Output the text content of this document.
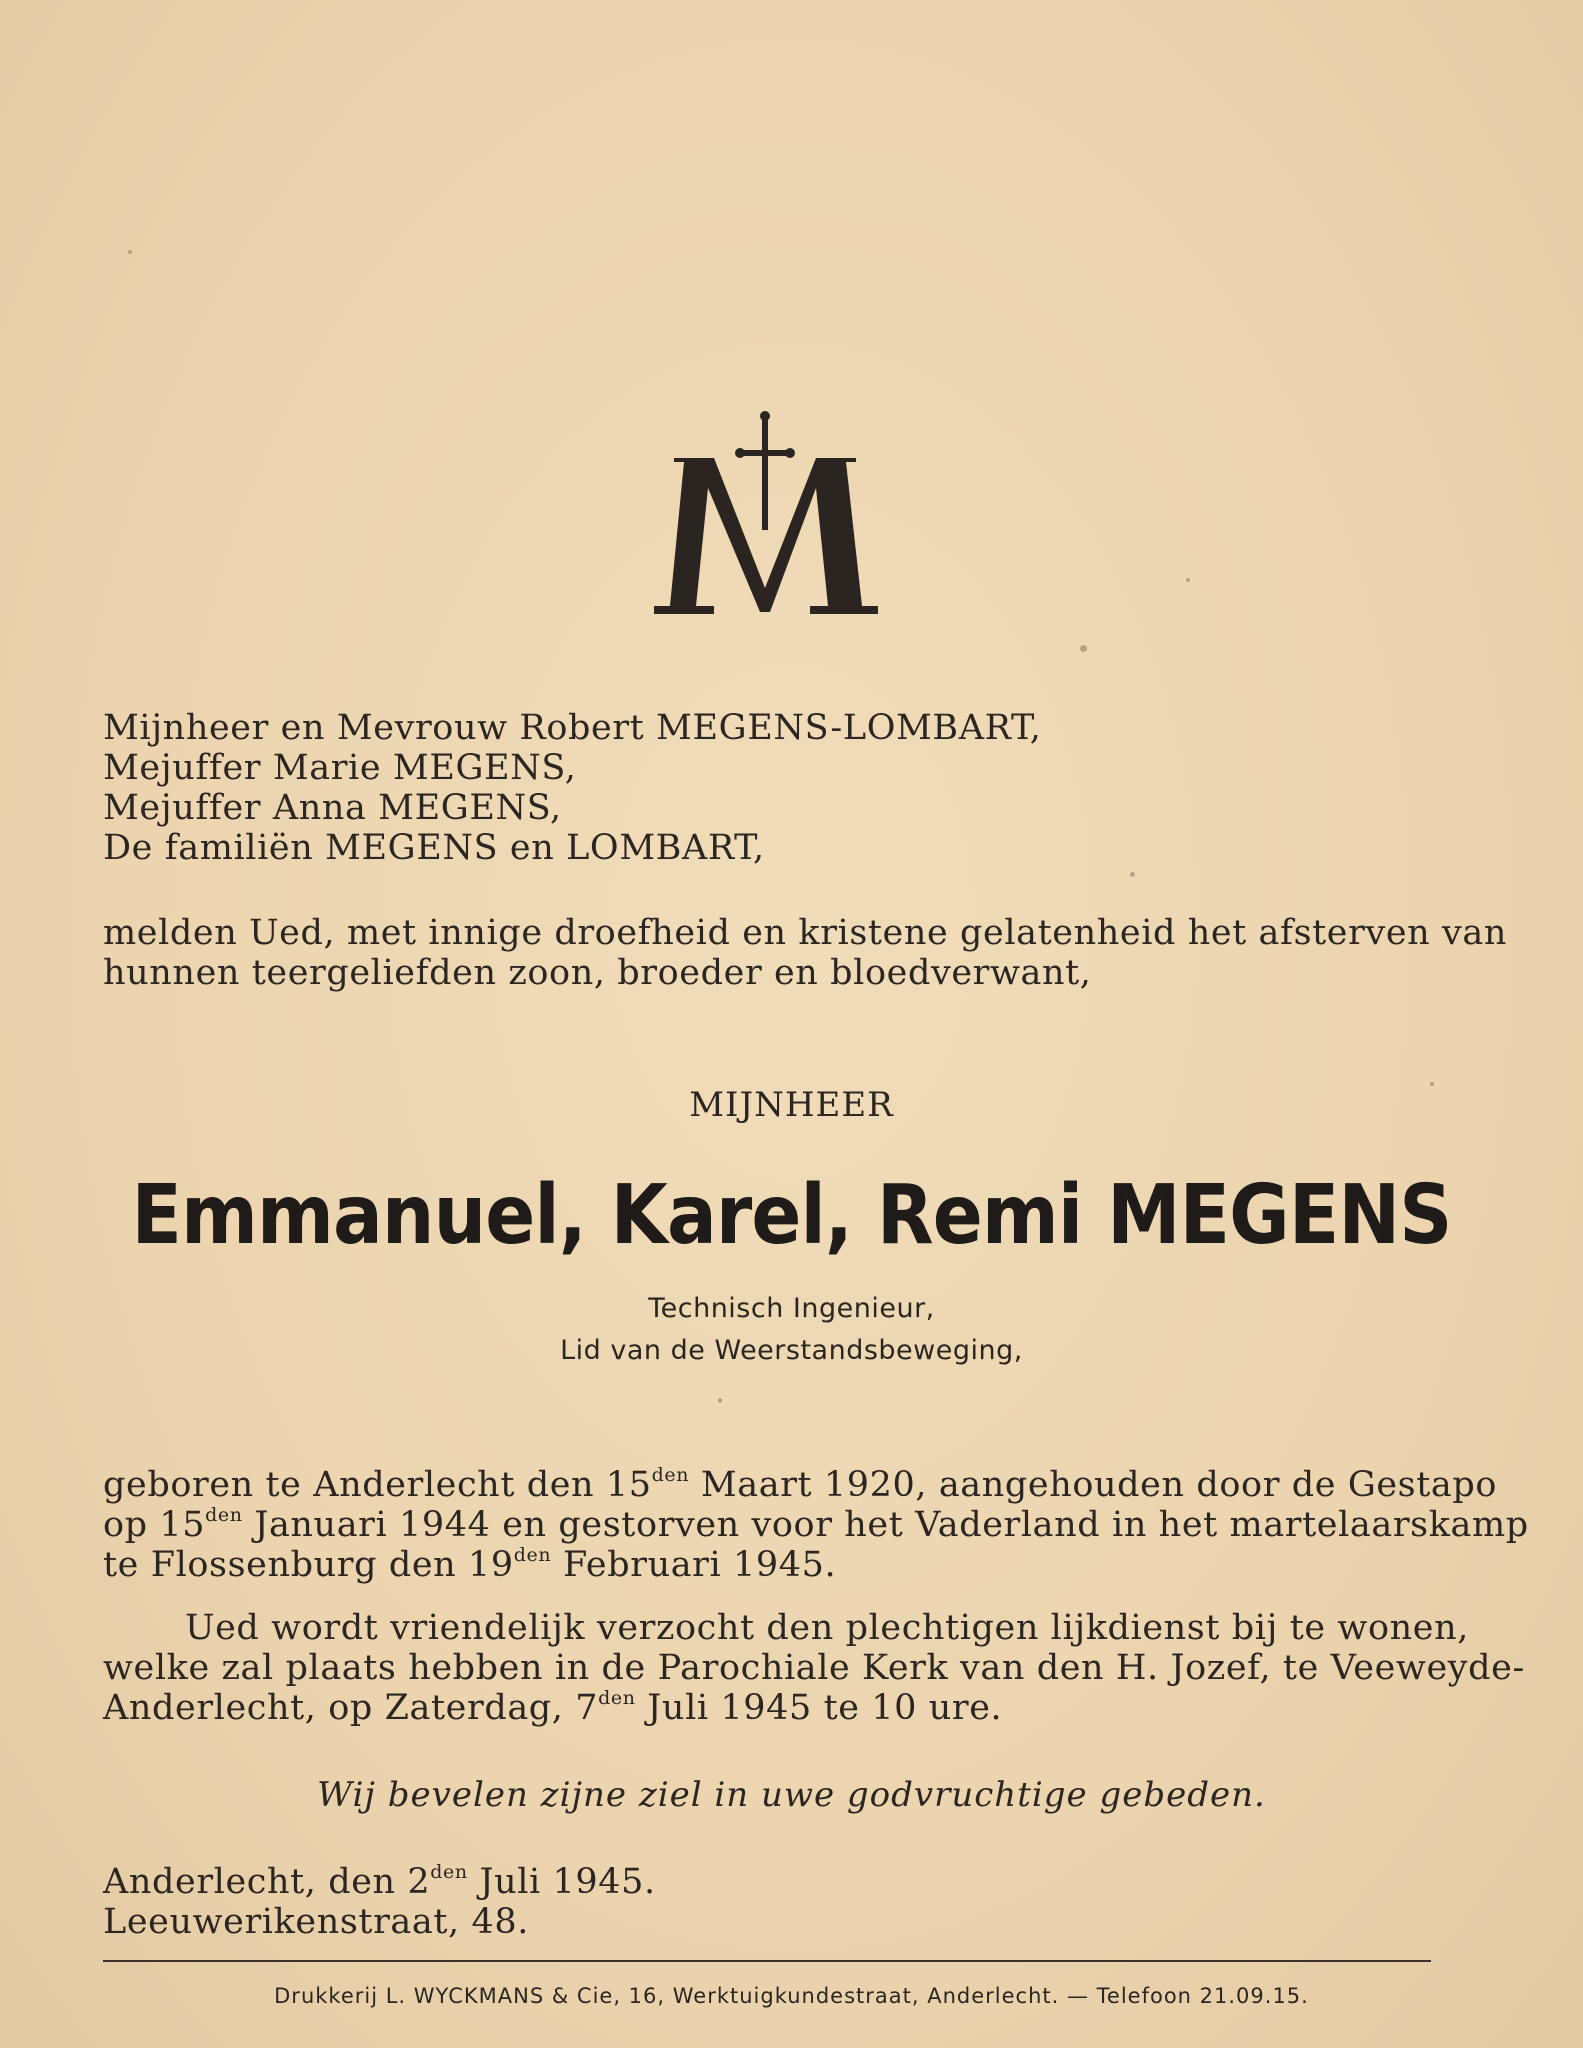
Mijnheer en Mevrouw Robert MEGENS-LOMBART,
Mejuffer Marie MEGENS,
Mejuffer Anna MEGENS,
De familiën MEGENS en LOMBART,
melden Ued, met innige droefheid en kristene gelatenheid het afsterven van
hunnen teergeliefden zoon, broeder en bloedverwant,

MIJNHEER

Emmanuel, Karel, Remi MEGENS

Technisch Ingenieur,

Lid van de Weerstandsbeweging,

geboren te Anderlecht den $15^{den}$ Maart 1920, aangehouden door de Gestapo
op $15^{den}$ Januari 1944 en gestorven voor het Vaderland in het martelaarskamp
te Flossenburg den $19^{den}$ Februari 1945.
Ued wordt vriendelijk verzocht den plechtigen lijkdienst bij te wonen,
welke zal plaats hebben in de Parochiale Kerk van den H. Jozef, te Veeweyde-
Anderlecht, op Zaterdag, $7^{den}$ Juli 1945 te 10 ure.

Wij bevelen zijne ziel in uwe godvruchtige gebeden.

Anderlecht, den $2^{den}$ Juli 1945.
Leeuwerikenstraat, 48.

Drukkerij L. WYCKMANS & Cie, 16, Werktuigkundestraat, Anderlecht. — Telefoon 21.09.15.
